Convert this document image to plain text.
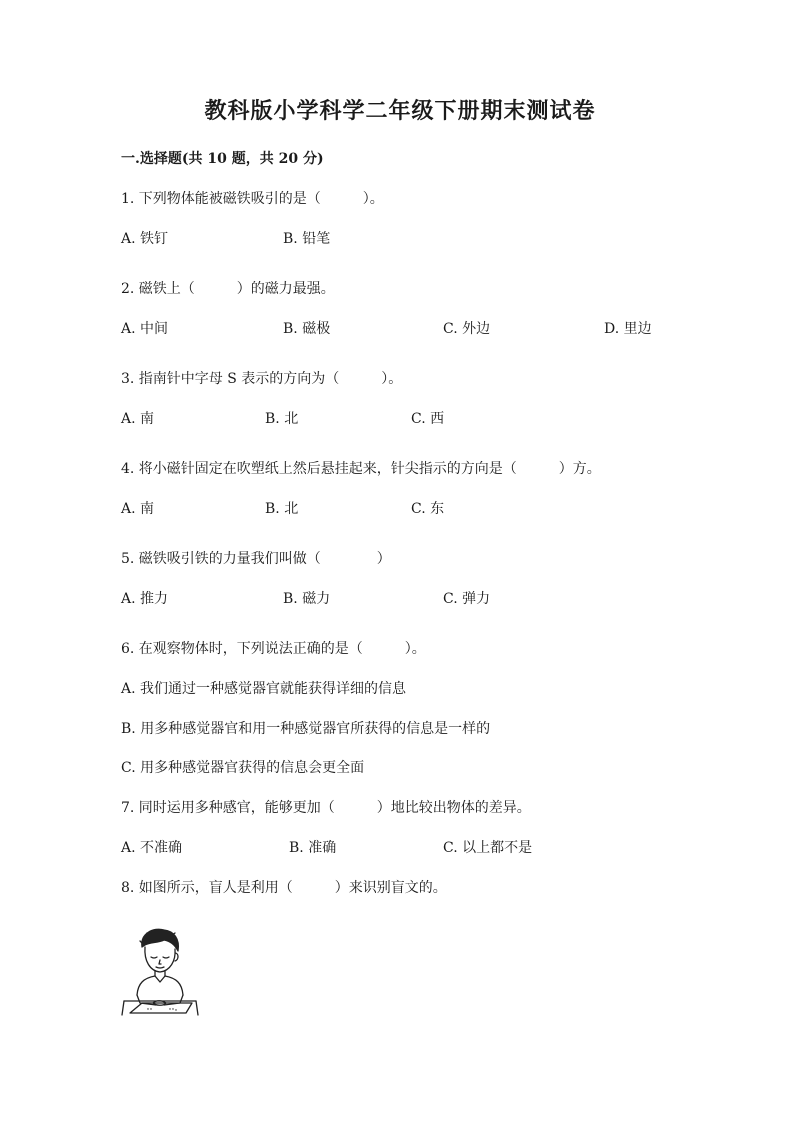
教科版小学科学二年级下册期末测试卷
一.选择题(共 10 题，共 20 分)
1. 下列物体能被磁铁吸引的是（　　　）。
A. 铁钉	B. 铅笔
2. 磁铁上（　　　）的磁力最强。
A. 中间	B. 磁极	C. 外边	D. 里边
3. 指南针中字母 S 表示的方向为（　　　）。
A. 南	B. 北	C. 西
4. 将小磁针固定在吹塑纸上然后悬挂起来，针尖指示的方向是（　　　）方。
A. 南	B. 北	C. 东
5. 磁铁吸引铁的力量我们叫做（　　　　）
A. 推力	B. 磁力	C. 弹力
6. 在观察物体时，下列说法正确的是（　　　）。
A. 我们通过一种感觉器官就能获得详细的信息
B. 用多种感觉器官和用一种感觉器官所获得的信息是一样的
C. 用多种感觉器官获得的信息会更全面
7. 同时运用多种感官，能够更加（　　　）地比较出物体的差异。
A. 不准确	B. 准确	C. 以上都不是
8. 如图所示，盲人是利用（　　　）来识别盲文的。
